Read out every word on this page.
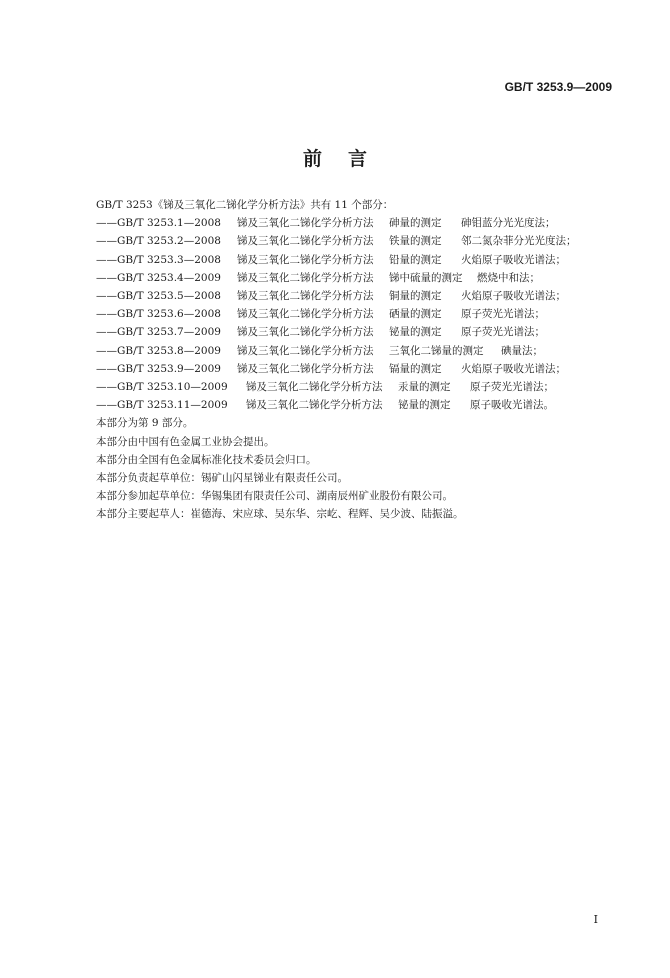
GB/T 3253.9—2009
前言
GB/T 3253《锑及三氧化二锑化学分析方法》共有 11 个部分：
——GB/T 3253.1—2008	锑及三氧化二锑化学分析方法	砷量的测定	砷钼蓝分光光度法；
——GB/T 3253.2—2008	锑及三氧化二锑化学分析方法	铁量的测定	邻二氮杂菲分光光度法；
——GB/T 3253.3—2008	锑及三氧化二锑化学分析方法	铅量的测定	火焰原子吸收光谱法；
——GB/T 3253.4—2009	锑及三氧化二锑化学分析方法	锑中硫量的测定	燃烧中和法；
——GB/T 3253.5—2008	锑及三氧化二锑化学分析方法	铜量的测定	火焰原子吸收光谱法；
——GB/T 3253.6—2008	锑及三氧化二锑化学分析方法	硒量的测定	原子荧光光谱法；
——GB/T 3253.7—2009	锑及三氧化二锑化学分析方法	铋量的测定	原子荧光光谱法；
——GB/T 3253.8—2009	锑及三氧化二锑化学分析方法	三氧化二锑量的测定	碘量法；
——GB/T 3253.9—2009	锑及三氧化二锑化学分析方法	镉量的测定	火焰原子吸收光谱法；
——GB/T 3253.10—2009	锑及三氧化二锑化学分析方法	汞量的测定	原子荧光光谱法；
——GB/T 3253.11—2009	锑及三氧化二锑化学分析方法	铋量的测定	原子吸收光谱法。
本部分为第 9 部分。
本部分由中国有色金属工业协会提出。
本部分由全国有色金属标准化技术委员会归口。
本部分负责起草单位：锡矿山闪星锑业有限责任公司。
本部分参加起草单位：华锡集团有限责任公司、湖南辰州矿业股份有限公司。
本部分主要起草人：崔德海、宋应球、吴东华、宗屹、程辉、吴少波、陆振溢。
I
